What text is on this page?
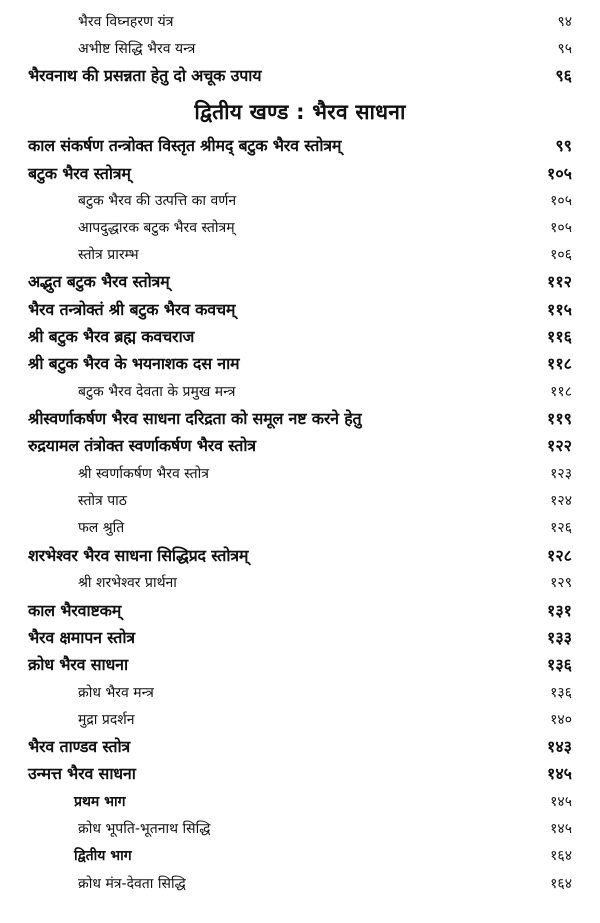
द्वितीय खण्ड : भैरव साधना
भैरव विघ्नहरण यंत्र	९४
अभीष्ट सिद्धि भैरव यन्त्र	९५
भैरवनाथ की प्रसन्नता हेतु दो अचूक उपाय	९६
काल संकर्षण तन्त्रोक्त विस्तृत श्रीमद् बटुक भैरव स्तोत्रम्	९९
बटुक भैरव स्तोत्रम्	१०५
बटुक भैरव की उत्पत्ति का वर्णन	१०५
आपदुद्धारक बटुक भैरव स्तोत्रम्	१०५
स्तोत्र प्रारम्भ	१०६
अद्भुत बटुक भैरव स्तोत्रम्	११२
भैरव तन्त्रोक्तं श्री बटुक भैरव कवचम्	११५
श्री बटुक भैरव ब्रह्म कवचराज	११६
श्री बटुक भैरव के भयनाशक दस नाम	११८
बटुक भैरव देवता के प्रमुख मन्त्र	११८
श्रीस्वर्णाकर्षण भैरव साधना दरिद्रता को समूल नष्ट करने हेतु	११९
रुद्रयामल तंत्रोक्त स्वर्णाकर्षण भैरव स्तोत्र	१२२
श्री स्वर्णाकर्षण भैरव स्तोत्र	१२३
स्तोत्र पाठ	१२४
फल श्रुति	१२६
शरभेश्वर भैरव साधना सिद्धिप्रद स्तोत्रम्	१२८
श्री शरभेश्वर प्रार्थना	१२९
काल भैरवाष्टकम्	१३१
भैरव क्षमापन स्तोत्र	१३३
क्रोध भैरव साधना	१३६
क्रोध भैरव मन्त्र	१३६
मुद्रा प्रदर्शन	१४०
भैरव ताण्डव स्तोत्र	१४३
उन्मत्त भैरव साधना	१४५
प्रथम भाग	१४५
क्रोध भूपति-भूतनाथ सिद्धि	१४५
द्वितीय भाग	१६४
क्रोध मंत्र-देवता सिद्धि	१६४
